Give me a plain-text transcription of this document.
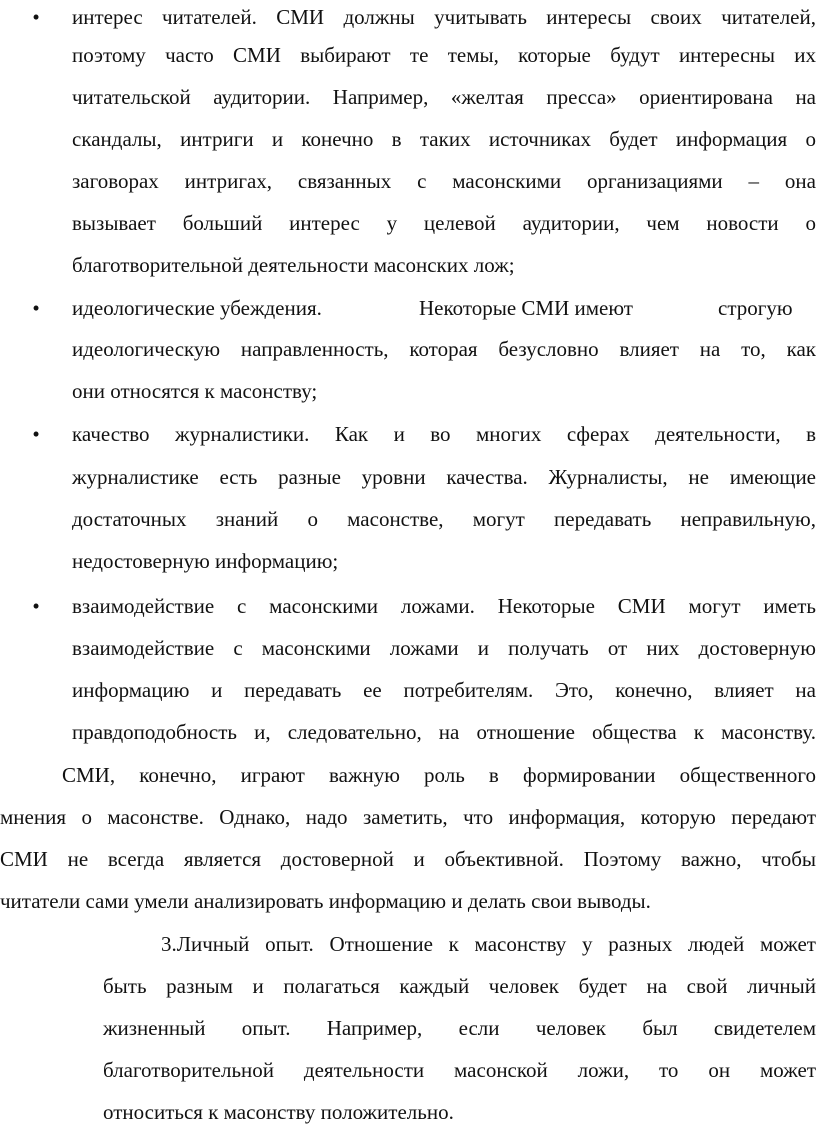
• интерес читателей. СМИ должны учитывать интересы своих читателей,
поэтому часто СМИ выбирают те темы, которые будут интересны их
читательской аудитории. Например, «желтая пресса» ориентирована на
скандалы, интриги и конечно в таких источниках будет информация о
заговорах интригах, связанных с масонскими организациями – она
вызывает больший интерес у целевой аудитории, чем новости о
благотворительной деятельности масонских лож;
• идеологические убеждения.	Некоторые СМИ имеют	строгую
идеологическую направленность, которая безусловно влияет на то, как
они относятся к масонству;
• качество журналистики. Как и во многих сферах деятельности, в
журналистике есть разные уровни качества. Журналисты, не имеющие
достаточных знаний о масонстве, могут передавать неправильную,
недостоверную информацию;
• взаимодействие с масонскими ложами. Некоторые СМИ могут иметь
взаимодействие с масонскими ложами и получать от них достоверную
информацию и передавать ее потребителям. Это, конечно, влияет на
правдоподобность и, следовательно, на отношение общества к масонству.
СМИ, конечно, играют важную роль в формировании общественного
мнения о масонстве. Однако, надо заметить, что информация, которую передают
СМИ не всегда является достоверной и объективной. Поэтому важно, чтобы
читатели сами умели анализировать информацию и делать свои выводы.
3.Личный опыт. Отношение к масонству у разных людей может
быть разным и полагаться каждый человек будет на свой личный
жизненный опыт. Например, если человек был свидетелем
благотворительной деятельности масонской ложи, то он может
относиться к масонству положительно.
